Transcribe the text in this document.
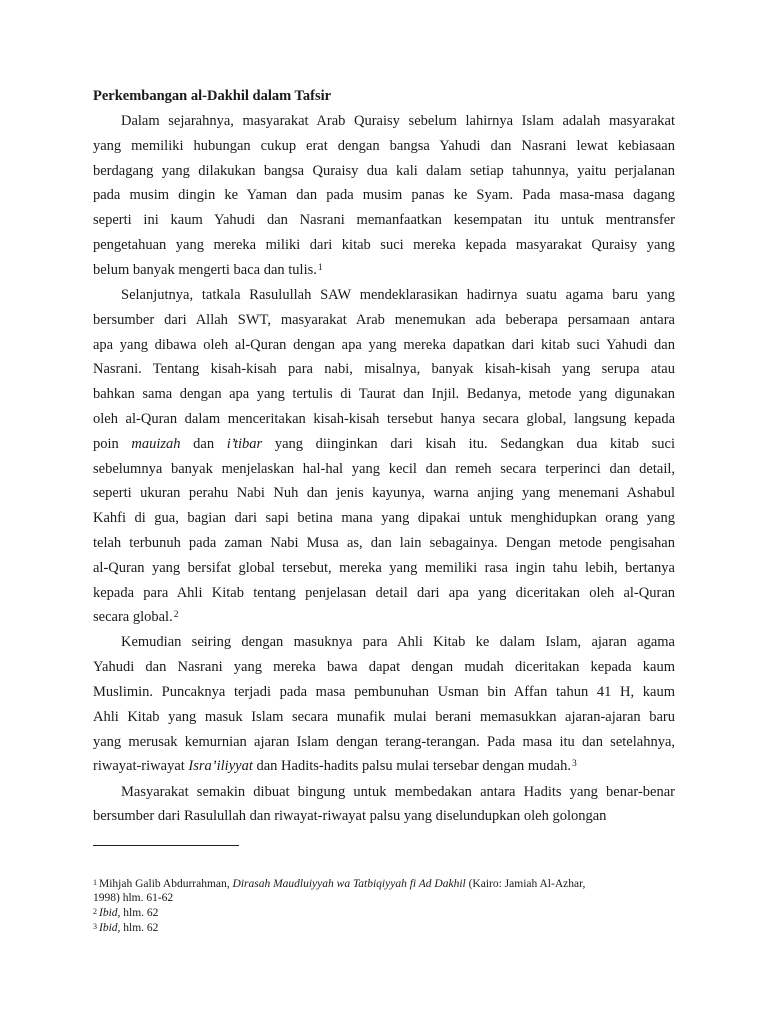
Perkembangan al-Dakhil dalam Tafsir

Dalam sejarahnya, masyarakat Arab Quraisy sebelum lahirnya Islam adalah masyarakat
yang memiliki hubungan cukup erat dengan bangsa Yahudi dan Nasrani lewat kebiasaan
berdagang yang dilakukan bangsa Quraisy dua kali dalam setiap tahunnya, yaitu perjalanan
pada musim dingin ke Yaman dan pada musim panas ke Syam. Pada masa-masa dagang
seperti ini kaum Yahudi dan Nasrani memanfaatkan kesempatan itu untuk mentransfer
pengetahuan yang mereka miliki dari kitab suci mereka kepada masyarakat Quraisy yang
belum banyak mengerti baca dan tulis.$^1$
Selanjutnya, tatkala Rasulullah SAW mendeklarasikan hadirnya suatu agama baru yang
bersumber dari Allah SWT, masyarakat Arab menemukan ada beberapa persamaan antara
apa yang dibawa oleh al-Quran dengan apa yang mereka dapatkan dari kitab suci Yahudi dan
Nasrani. Tentang kisah-kisah para nabi, misalnya, banyak kisah-kisah yang serupa atau
bahkan sama dengan apa yang tertulis di Taurat dan Injil. Bedanya, metode yang digunakan
oleh al-Quran dalam menceritakan kisah-kisah tersebut hanya secara global, langsung kepada
poin mauizah dan i’tibar yang diinginkan dari kisah itu. Sedangkan dua kitab suci
sebelumnya banyak menjelaskan hal-hal yang kecil dan remeh secara terperinci dan detail,
seperti ukuran perahu Nabi Nuh dan jenis kayunya, warna anjing yang menemani Ashabul
Kahfi di gua, bagian dari sapi betina mana yang dipakai untuk menghidupkan orang yang
telah terbunuh pada zaman Nabi Musa as, dan lain sebagainya. Dengan metode pengisahan
al-Quran yang bersifat global tersebut, mereka yang memiliki rasa ingin tahu lebih, bertanya
kepada para Ahli Kitab tentang penjelasan detail dari apa yang diceritakan oleh al-Quran
secara global.$^2$
Kemudian seiring dengan masuknya para Ahli Kitab ke dalam Islam, ajaran agama
Yahudi dan Nasrani yang mereka bawa dapat dengan mudah diceritakan kepada kaum
Muslimin. Puncaknya terjadi pada masa pembunuhan Usman bin Affan tahun 41 H, kaum
Ahli Kitab yang masuk Islam secara munafik mulai berani memasukkan ajaran-ajaran baru
yang merusak kemurnian ajaran Islam dengan terang-terangan. Pada masa itu dan setelahnya,
riwayat-riwayat Isra’iliyyat dan Hadits-hadits palsu mulai tersebar dengan mudah.$^3$
Masyarakat semakin dibuat bingung untuk membedakan antara Hadits yang benar-benar
bersumber dari Rasulullah dan riwayat-riwayat palsu yang diselundupkan oleh golongan
$^1$ Mihjah Galib Abdurrahman, Dirasah Maudluiyyah wa Tatbiqiyyah fi Ad Dakhil (Kairo: Jamiah Al-Azhar,
1998) hlm. 61-62
$^2$ Ibid, hlm. 62
$^3$ Ibid, hlm. 62
